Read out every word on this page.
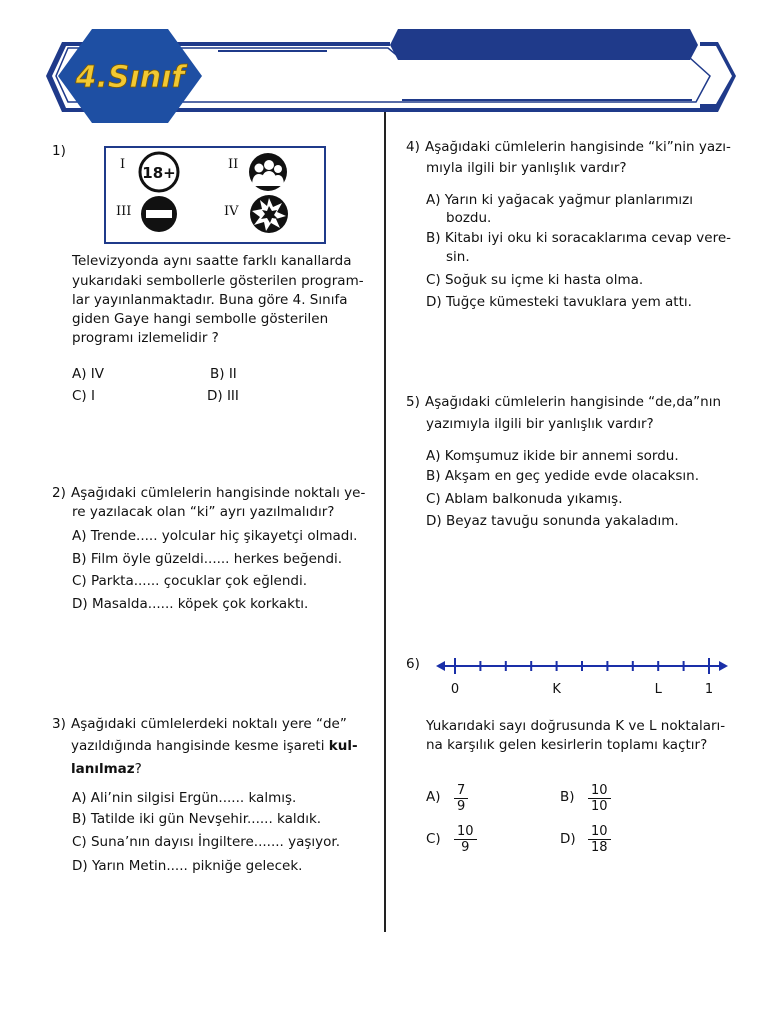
4.Sınıf
1)
I 18+	II
III	IV
Televizyonda aynı saatte farklı kanallarda
yukarıdaki sembollerle gösterilen program-
lar yayınlanmaktadır. Buna göre 4. Sınıfa
giden Gaye hangi sembolle gösterilen
programı izlemelidir ?
A) IV	B) II
C) I	D) III
2) Aşağıdaki cümlelerin hangisinde noktalı ye-
re yazılacak olan “ki” ayrı yazılmalıdır?
A) Trende..... yolcular hiç şikayetçi olmadı.
B) Film öyle güzeldi...... herkes beğendi.
C) Parkta...... çocuklar çok eğlendi.
D) Masalda...... köpek çok korkaktı.
3) Aşağıdaki cümlelerdeki noktalı yere “de”
yazıldığında hangisinde kesme işareti kul-
lanılmaz?
A) Ali’nin silgisi Ergün...... kalmış.
B) Tatilde iki gün Nevşehir...... kaldık.
C) Suna’nın dayısı İngiltere....... yaşıyor.
D) Yarın Metin..... pikniğe gelecek.
4) Aşağıdaki cümlelerin hangisinde “ki”nin yazı-
mıyla ilgili bir yanlışlık vardır?
A) Yarın ki yağacak yağmur planlarımızı
bozdu.
B) Kitabı iyi oku ki soracaklarıma cevap vere-
sin.
C) Soğuk su içme ki hasta olma.
D) Tuğçe kümesteki tavuklara yem attı.
5) Aşağıdaki cümlelerin hangisinde “de,da”nın
yazımıyla ilgili bir yanlışlık vardır?
A) Komşumuz ikide bir annemi sordu.
B) Akşam en geç yedide evde olacaksın.
C) Ablam balkonuda yıkamış.
D) Beyaz tavuğu sonunda yakaladım.
6)
0	K	L	1
Yukarıdaki sayı doğrusunda K ve L noktaları-
na karşılık gelen kesirlerin toplamı kaçtır?
A) 7
9
B) 10
10
C) 10
9
D) 10
18
